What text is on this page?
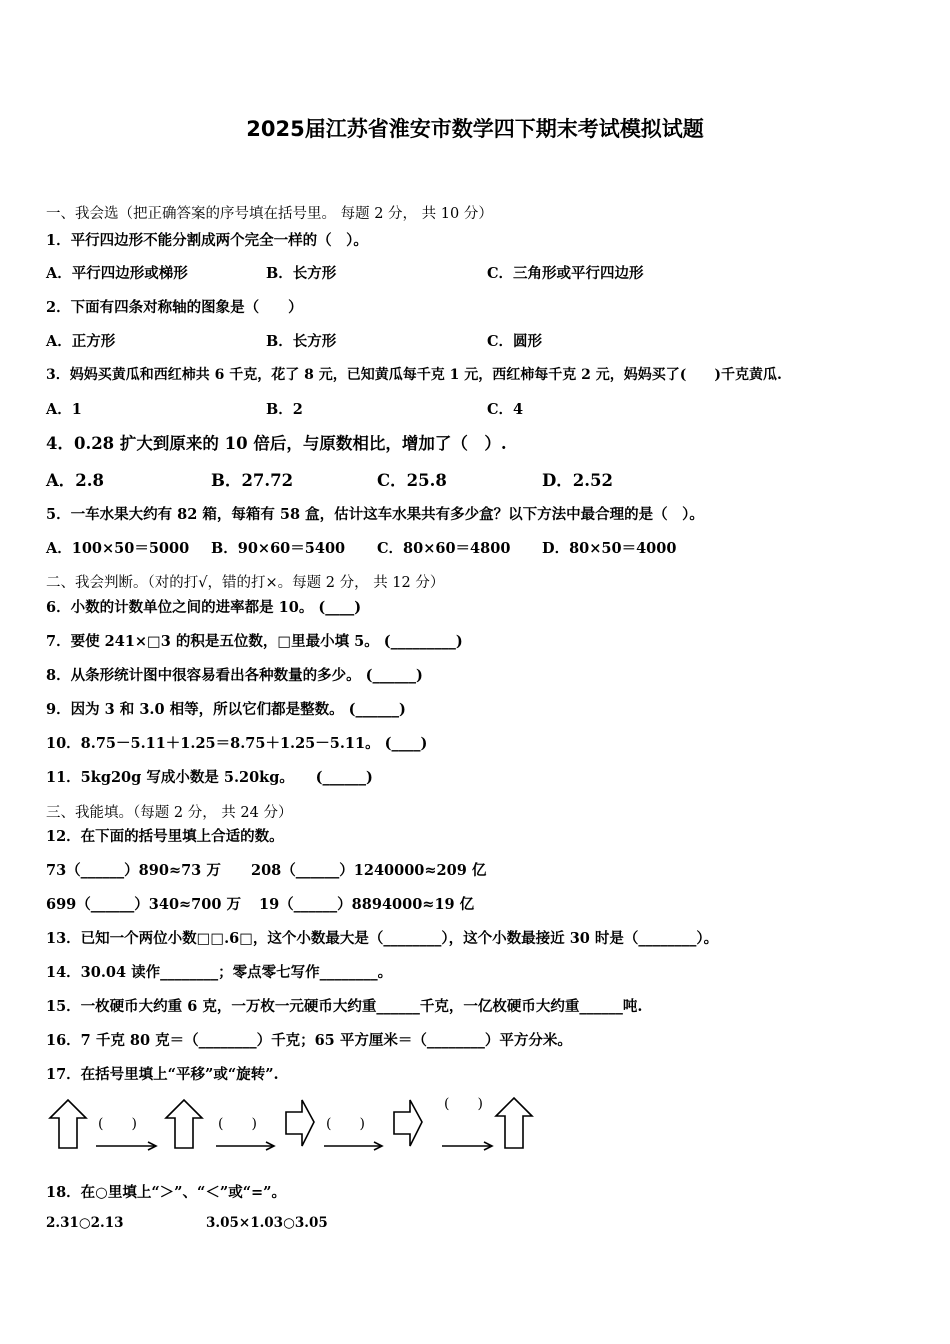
2025届江苏省淮安市数学四下期末考试模拟试题
一、我会选（把正确答案的序号填在括号里。 每题 2 分， 共 10 分）
1．平行四边形不能分割成两个完全一样的（　）。
A．平行四边形或梯形	B．长方形	C．三角形或平行四边形
2．下面有四条对称轴的图象是（　　）
A．正方形	B．长方形	C．圆形
3．妈妈买黄瓜和西红柿共 6 千克，花了 8 元，已知黄瓜每千克 1 元，西红柿每千克 2 元，妈妈买了(　　)千克黄瓜.
A．1	B．2	C．4
4．0.28 扩大到原来的 10 倍后，与原数相比，增加了（　）.
A．2.8	B．27.72	C．25.8	D．2.52
5．一车水果大约有 82 箱，每箱有 58 盒，估计这车水果共有多少盒？以下方法中最合理的是（　）。
A．100×50＝5000 B．90×60＝5400 C．80×60＝4800 D．80×50＝4000
二、我会判断。（对的打√，错的打×。每题 2 分， 共 12 分）
6．小数的计数单位之间的进率都是 10。 (____)
7．要使 241×□3 的积是五位数，□里最小填 5。 (_________)
8．从条形统计图中很容易看出各种数量的多少。 (______)
9．因为 3 和 3.0 相等，所以它们都是整数。 (______)
10．8.75－5.11＋1.25＝8.75＋1.25－5.11。 (____)
11．5kg20g 写成小数是 5.20kg。　　(______)
三、我能填。（每题 2 分， 共 24 分）
12．在下面的括号里填上合适的数。
73（______）890≈73 万 208（______）1240000≈209 亿
699（______）340≈700 万 19（______）8894000≈19 亿
13．已知一个两位小数□□.6□，这个小数最大是（________），这个小数最接近 30 时是（________）。
14．30.04 读作________；零点零七写作________。
15．一枚硬币大约重 6 克，一万枚一元硬币大约重______千克，一亿枚硬币大约重______吨.
16．7 千克 80 克＝（________）千克；65 平方厘米＝（________）平方分米。
17．在括号里填上“平移”或“旋转”.
(　　)	(　　)	(　　)
(　　)
18．在○里填上“＞”、“＜”或“=”。
2.31○2.13	3.05×1.03○3.05
